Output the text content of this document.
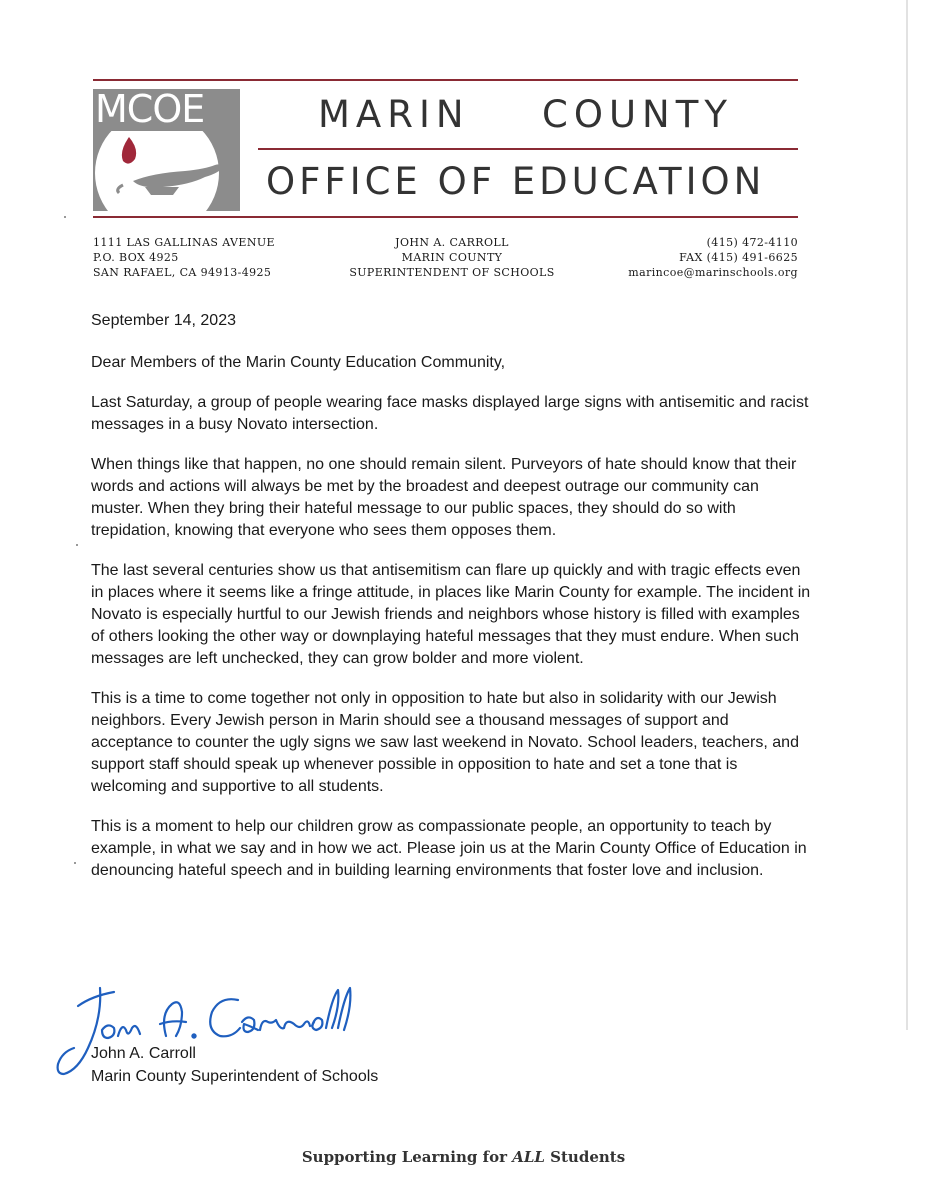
MCOE	MARIN COUNTY
OFFICE OF EDUCATION
1111 LAS GALLINAS AVENUE
P.O. BOX 4925
SAN RAFAEL, CA 94913-4925
JOHN A. CARROLL
MARIN COUNTY
SUPERINTENDENT OF SCHOOLS
(415) 472-4110
FAX (415) 491-6625
marincoe@marinschools.org

September 14, 2023

Dear Members of the Marin County Education Community,

Last Saturday, a group of people wearing face masks displayed large signs with antisemitic and racist messages in a busy Novato intersection.

When things like that happen, no one should remain silent. Purveyors of hate should know that their words and actions will always be met by the broadest and deepest outrage our community can muster. When they bring their hateful message to our public spaces, they should do so with trepidation, knowing that everyone who sees them opposes them.

The last several centuries show us that antisemitism can flare up quickly and with tragic effects even in places where it seems like a fringe attitude, in places like Marin County for example. The incident in Novato is especially hurtful to our Jewish friends and neighbors whose history is filled with examples of others looking the other way or downplaying hateful messages that they must endure. When such messages are left unchecked, they can grow bolder and more violent.

This is a time to come together not only in opposition to hate but also in solidarity with our Jewish neighbors. Every Jewish person in Marin should see a thousand messages of support and acceptance to counter the ugly signs we saw last weekend in Novato. School leaders, teachers, and support staff should speak up whenever possible in opposition to hate and set a tone that is welcoming and supportive to all students.

This is a moment to help our children grow as compassionate people, an opportunity to teach by example, in what we say and in how we act. Please join us at the Marin County Office of Education in denouncing hateful speech and in building learning environments that foster love and inclusion.

John A. Carroll
Marin County Superintendent of Schools
Supporting Learning for ALL Students
